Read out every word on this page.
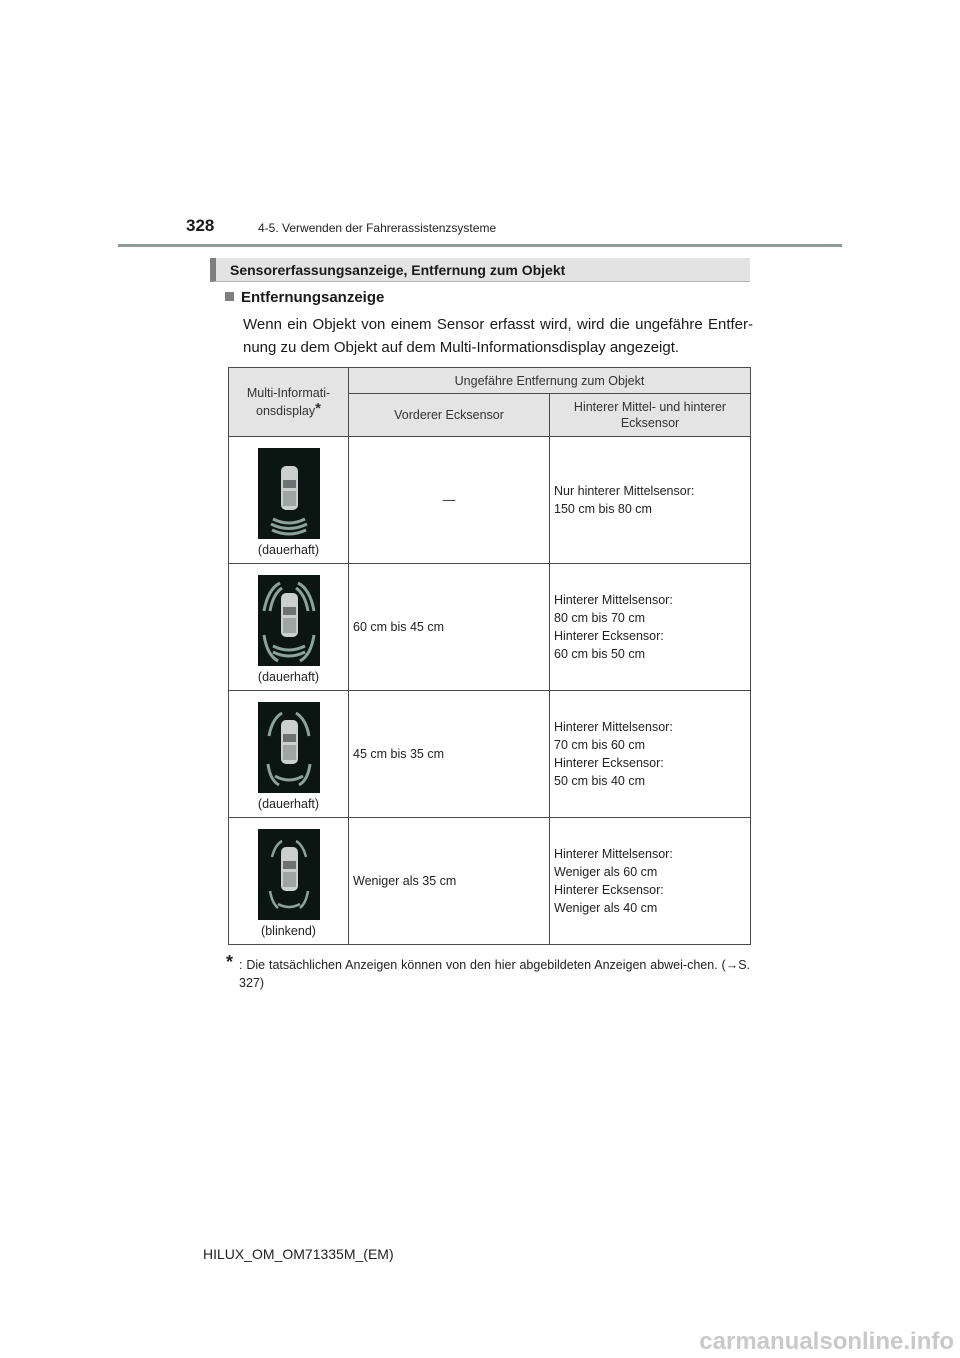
328	4-5. Verwenden der Fahrerassistenzsysteme
Sensorerfassungsanzeige, Entfernung zum Objekt
Entfernungsanzeige
Wenn ein Objekt von einem Sensor erfasst wird, wird die ungefähre Entfer-nung zu dem Objekt auf dem Multi-Informationsdisplay angezeigt.
Multi-Informati-onsdisplay*	Ungefähre Entfernung zum Objekt	
	Vorderer Ecksensor	Hinterer Mittel- und hinterer Ecksensor

(dauerhaft)	—	Nur hinterer Mittelsensor:
150 cm bis 80 cm

(dauerhaft)	60 cm bis 45 cm	Hinterer Mittelsensor:
80 cm bis 70 cm
Hinterer Ecksensor:
60 cm bis 50 cm

(dauerhaft)	45 cm bis 35 cm	Hinterer Mittelsensor:
70 cm bis 60 cm
Hinterer Ecksensor:
50 cm bis 40 cm

(blinkend)	Weniger als 35 cm	Hinterer Mittelsensor:
Weniger als 60 cm
Hinterer Ecksensor:
Weniger als 40 cm
* : Die tatsächlichen Anzeigen können von den hier abgebildeten Anzeigen abwei-chen. (→S. 327)
HILUX_OM_OM71335M_(EM)
carmanualsonline.info
